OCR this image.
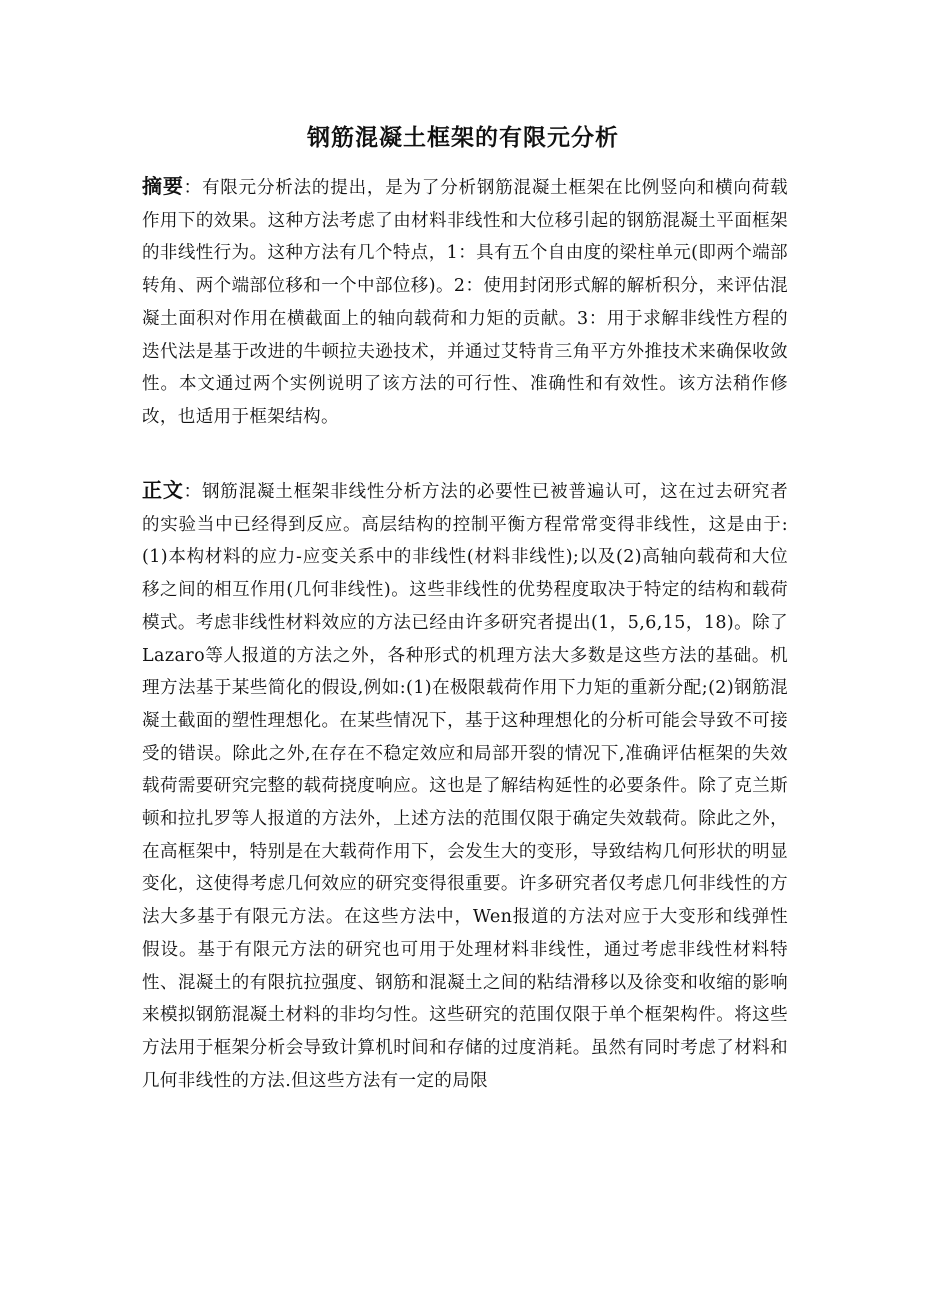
钢筋混凝土框架的有限元分析
摘要：有限元分析法的提出，是为了分析钢筋混凝土框架在比例竖向和横向荷载作用下的效果。这种方法考虑了由材料非线性和大位移引起的钢筋混凝土平面框架的非线性行为。这种方法有几个特点，1：具有五个自由度的梁柱单元(即两个端部转角、两个端部位移和一个中部位移)。2：使用封闭形式解的解析积分，来评估混凝土面积对作用在横截面上的轴向载荷和力矩的贡献。3：用于求解非线性方程的迭代法是基于改进的牛顿拉夫逊技术，并通过艾特肯三角平方外推技术来确保收敛性。本文通过两个实例说明了该方法的可行性、准确性和有效性。该方法稍作修改，也适用于框架结构。
正文：钢筋混凝土框架非线性分析方法的必要性已被普遍认可，这在过去研究者的实验当中已经得到反应。高层结构的控制平衡方程常常变得非线性，这是由于:(1)本构材料的应力-应变关系中的非线性(材料非线性);以及(2)高轴向载荷和大位移之间的相互作用(几何非线性)。这些非线性的优势程度取决于特定的结构和载荷模式。考虑非线性材料效应的方法已经由许多研究者提出(1，5,6,15，18)。除了Lazaro等人报道的方法之外，各种形式的机理方法大多数是这些方法的基础。机理方法基于某些简化的假设,例如:(1)在极限载荷作用下力矩的重新分配;(2)钢筋混凝土截面的塑性理想化。在某些情况下，基于这种理想化的分析可能会导致不可接受的错误。除此之外,在存在不稳定效应和局部开裂的情况下,准确评估框架的失效载荷需要研究完整的载荷挠度响应。这也是了解结构延性的必要条件。除了克兰斯顿和拉扎罗等人报道的方法外，上述方法的范围仅限于确定失效载荷。除此之外，在高框架中，特别是在大载荷作用下，会发生大的变形，导致结构几何形状的明显变化，这使得考虑几何效应的研究变得很重要。许多研究者仅考虑几何非线性的方法大多基于有限元方法。在这些方法中，Wen报道的方法对应于大变形和线弹性假设。基于有限元方法的研究也可用于处理材料非线性，通过考虑非线性材料特性、混凝土的有限抗拉强度、钢筋和混凝土之间的粘结滑移以及徐变和收缩的影响来模拟钢筋混凝土材料的非均匀性。这些研究的范围仅限于单个框架构件。将这些方法用于框架分析会导致计算机时间和存储的过度消耗。虽然有同时考虑了材料和几何非线性的方法.但这些方法有一定的局限
